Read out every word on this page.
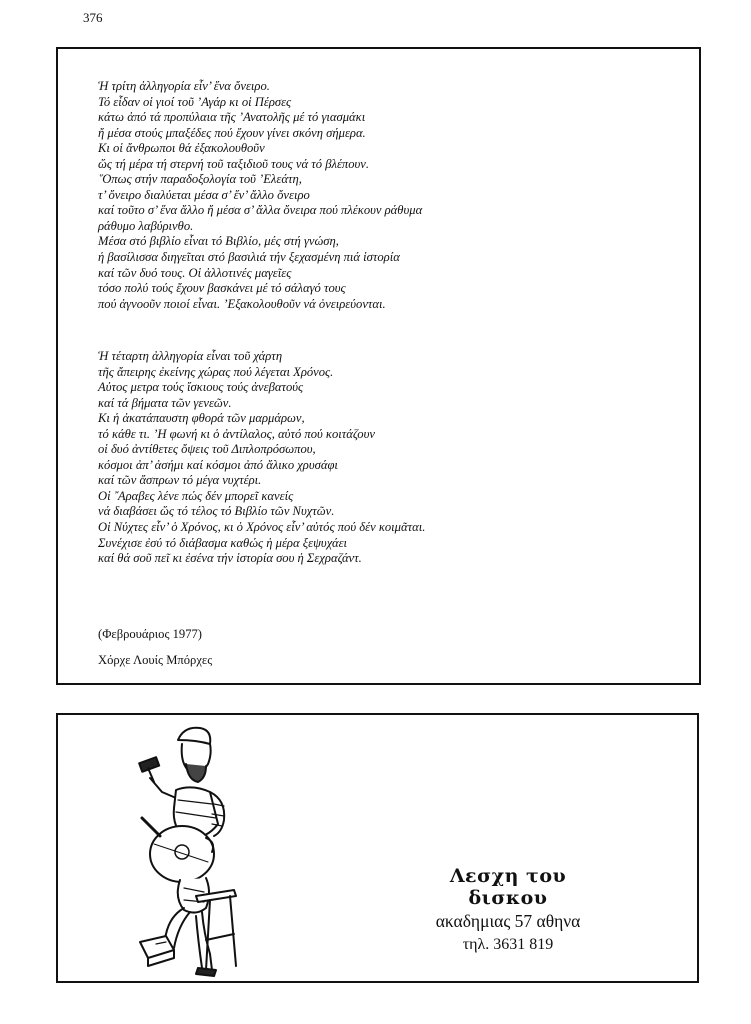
376
Ἡ τρίτη ἀλληγορία εἶν’ ἕνα ὄνειρο.
Τό εἶδαν οἱ γιοί τοῦ ’Αγάρ κι οἱ Πέρσες
κάτω ἀπό τά προπύλαια τῆς ’Ανατολῆς μέ τό γιασμάκι
ἤ μέσα στούς μπαξέδες πού ἔχουν γίνει σκόνη σήμερα.
Κι οἱ ἄνθρωποι θά ἐξακολουθοῦν
ὥς τή μέρα τή στερνή τοῦ ταξιδιοῦ τους νά τό βλέπουν.
῞Οπως στήν παραδοξολογία τοῦ ’Ελεάτη,
τ’ ὄνειρο διαλύεται μέσα σ’ ἕν’ ἄλλο ὄνειρο
καί τοῦτο σ’ ἕνα ἄλλο ἤ μέσα σ’ ἄλλα ὄνειρα πού πλέκουν ράθυμα
ράθυμο λαβύρινθο.
Μέσα στό βιβλίο εἶναι τό Βιβλίο, μές στή γνώση,
ἡ βασίλισσα διηγεῖται στό βασιλιά τήν ξεχασμένη πιά ἱστορία
καί τῶν δυό τους. Οἱ ἀλλοτινές μαγεῖες
τόσο πολύ τούς ἔχουν βασκάνει μέ τό σάλαγό τους
πού ἀγνοοῦν ποιοί εἶναι. ’Εξακολουθοῦν νά ὀνειρεύονται.
Ἡ τέταρτη ἀλληγορία εἶναι τοῦ χάρτη
τῆς ἄπειρης ἐκείνης χώρας πού λέγεται Χρόνος.
Αὐτος μετρα τούς ἴσκιους τούς ἀνεβατούς
καί τά βήματα τῶν γενεῶν.
Κι ἡ ἀκατάπαυστη φθορά τῶν μαρμάρων,
τό κάθε τι. ’Η φωνή κι ὁ ἀντίλαλος, αὐτό πού κοιτάζουν
οἱ δυό ἀντίθετες ὄψεις τοῦ Διπλοπρόσωπου,
κόσμοι ἀπ’ ἀσήμι καί κόσμοι ἀπό ἄλικο χρυσάφι
καί τῶν ἄσπρων τό μέγα νυχτέρι.
Οἱ ῎Αραβες λένε πώς δέν μπορεῖ κανείς
νά διαβάσει ὥς τό τέλος τό Βιβλίο τῶν Νυχτῶν.
Οἱ Νύχτες εἶν’ ὁ Χρόνος, κι ὁ Χρόνος εἶν’ αὐτός πού δέν κοιμᾶται.
Συνέχισε ἐσύ τό διάβασμα καθώς ἡ μέρα ξεψυχάει
καί θά σοῦ πεῖ κι ἐσένα τήν ἱστορία σου ἡ Σεχραζάντ.
(Φεβρουάριος 1977)
Χόρχε Λουίς Μπόρχες
Λεσχη του δισκου
ακαδημιας 57 αθηνα
τηλ. 3631 819
